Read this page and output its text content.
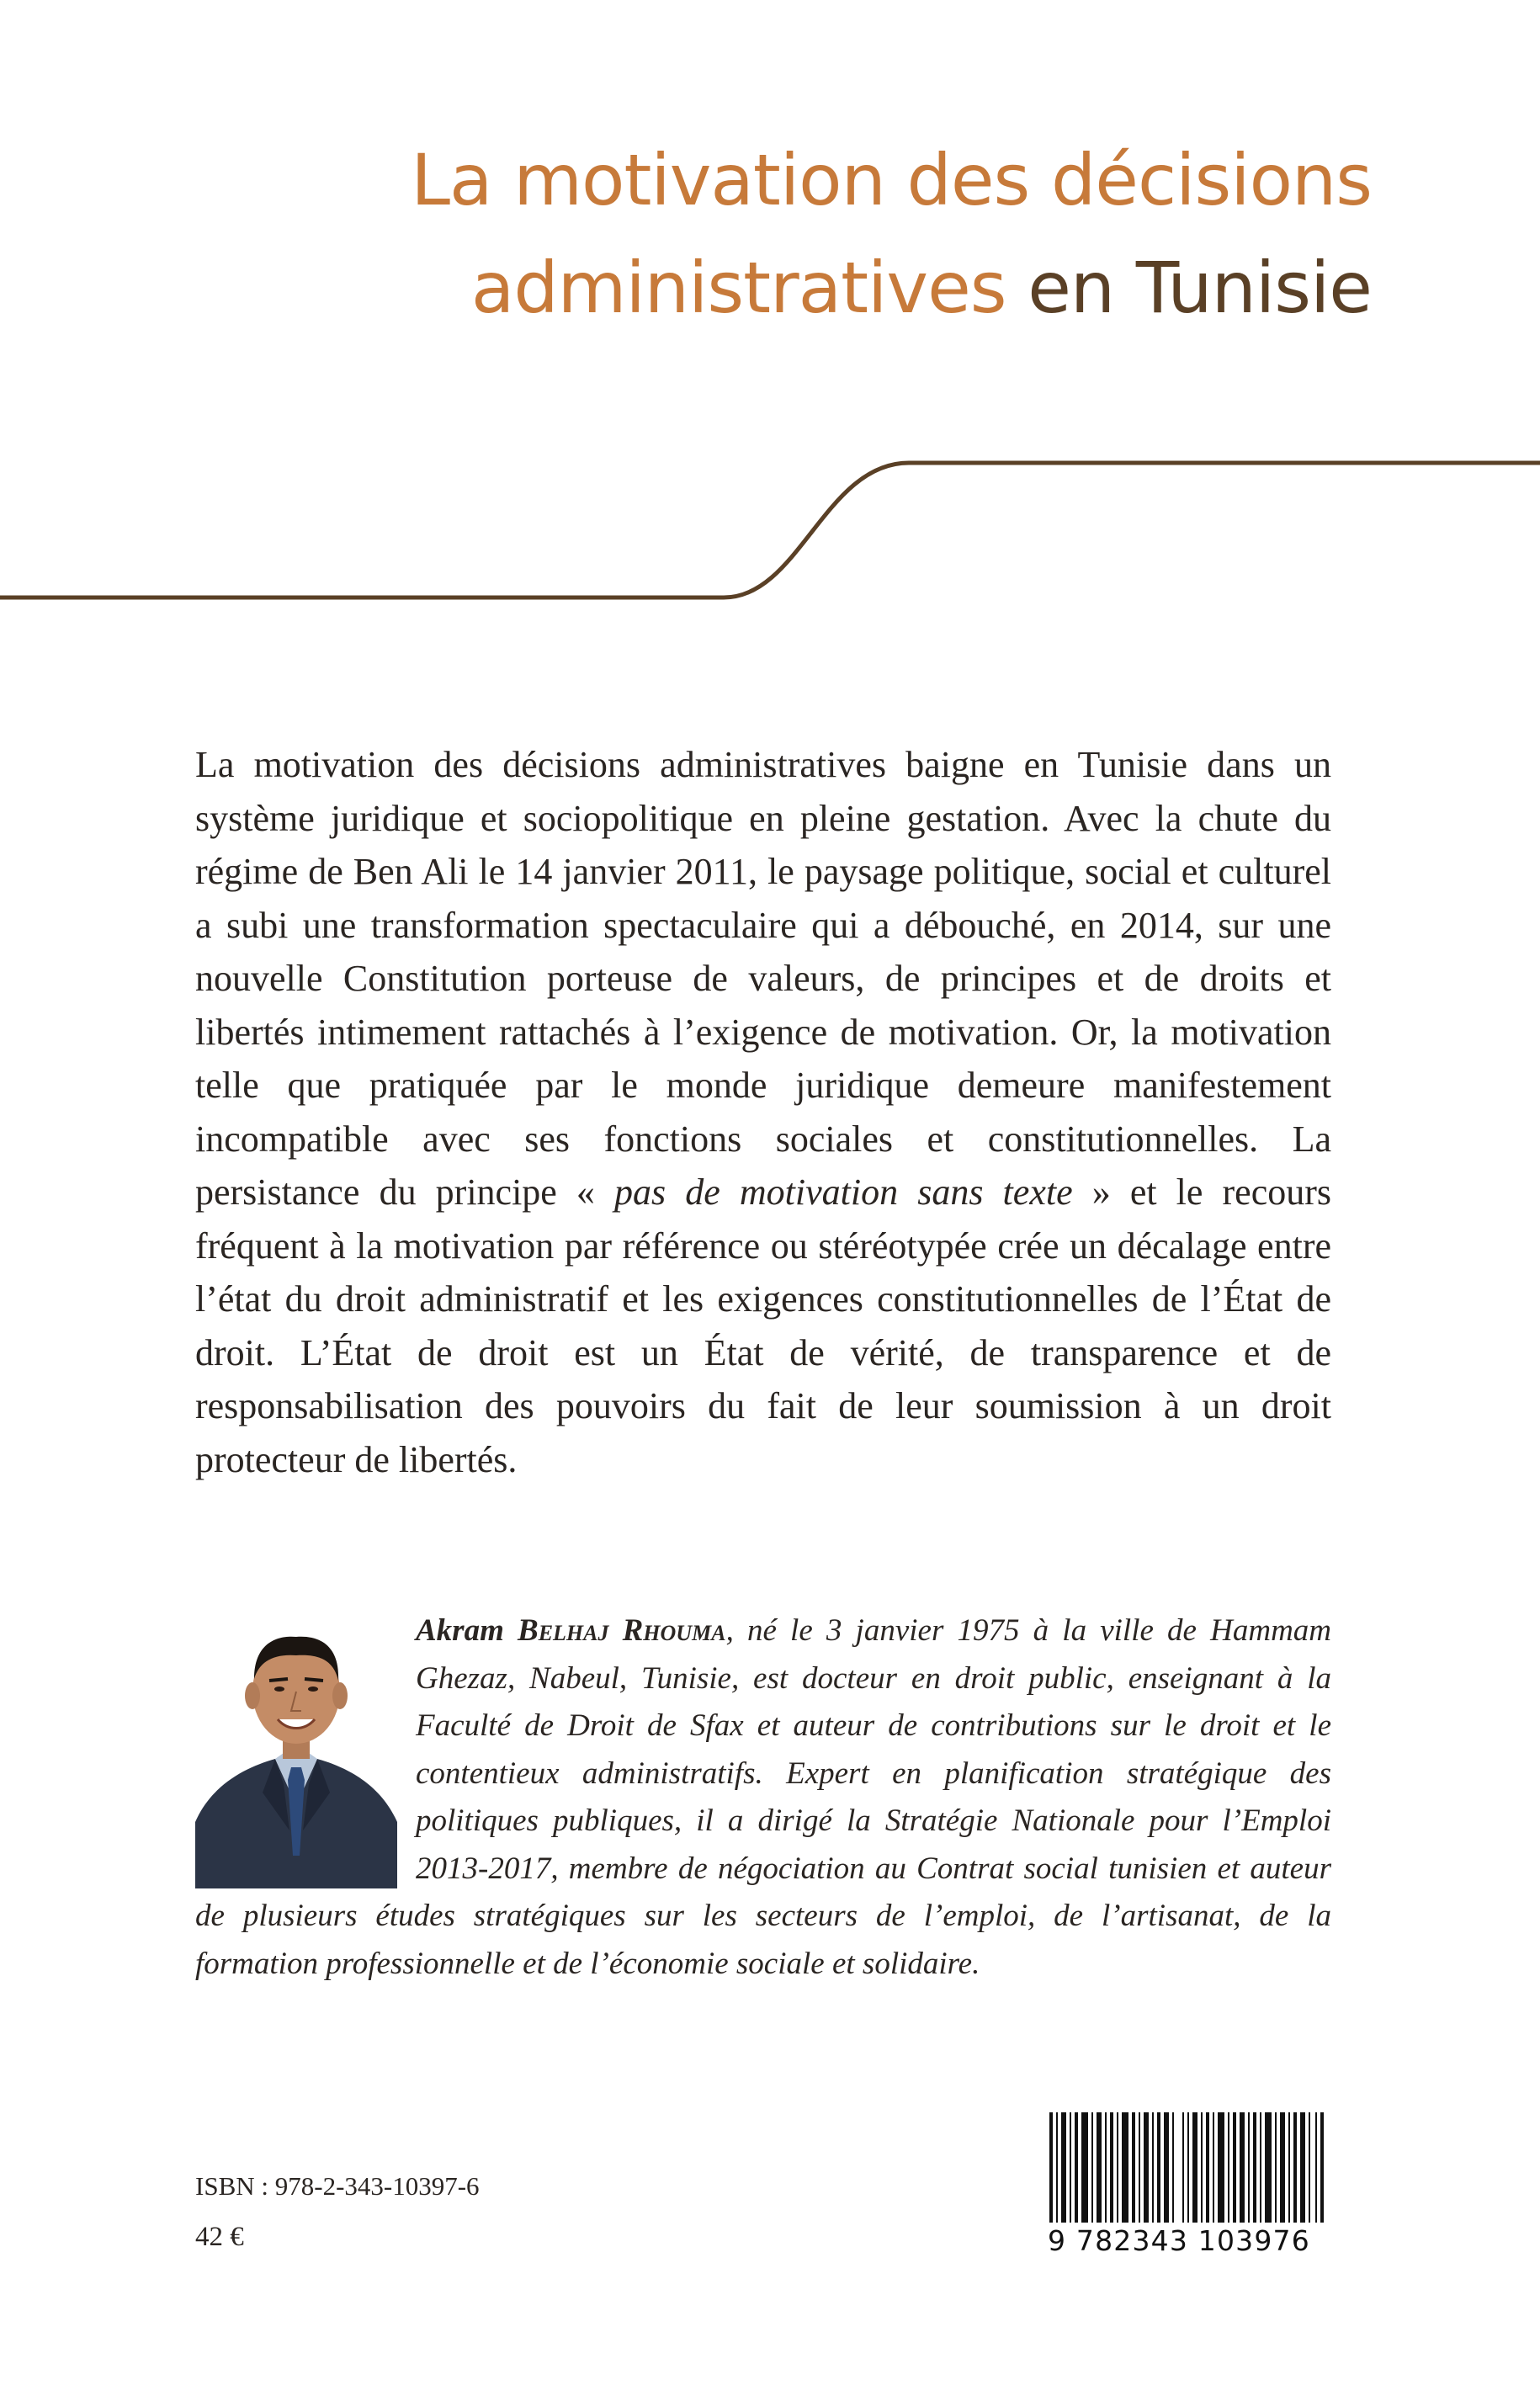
La motivation des décisions
administratives en Tunisie

La motivation des décisions administratives baigne en Tunisie dans un système juridique et sociopolitique en pleine gestation. Avec la chute du régime de Ben Ali le 14 janvier 2011, le paysage politique, social et culturel a subi une transformation spectaculaire qui a débouché, en 2014, sur une nouvelle Constitution porteuse de valeurs, de principes et de droits et libertés intimement rattachés à l’exigence de motivation. Or, la motivation telle que pratiquée par le monde juridique demeure manifestement incompatible avec ses fonctions sociales et constitutionnelles. La persistance du principe « pas de motivation sans texte » et le recours fréquent à la motivation par référence ou stéréotypée crée un décalage entre l’état du droit administratif et les exigences constitutionnelles de l’État de droit. L’État de droit est un État de vérité, de transparence et de responsabilisation des pouvoirs du fait de leur soumission à un droit protecteur de libertés.

Akram Belhaj Rhouma, né le 3 janvier 1975 à la ville de Hammam Ghezaz, Nabeul, Tunisie, est docteur en droit public, enseignant à la Faculté de Droit de Sfax et auteur de contributions sur le droit et le contentieux administratifs. Expert en planification stratégique des politiques publiques, il a dirigé la Stratégie Nationale pour l’Emploi 2013-2017, membre de négociation au Contrat social tunisien et auteur de plusieurs études stratégiques sur les secteurs de l’emploi, de l’artisanat, de la formation professionnelle et de l’économie sociale et solidaire.

ISBN : 978-2-343-10397-6
42 €	9 782343 103976
